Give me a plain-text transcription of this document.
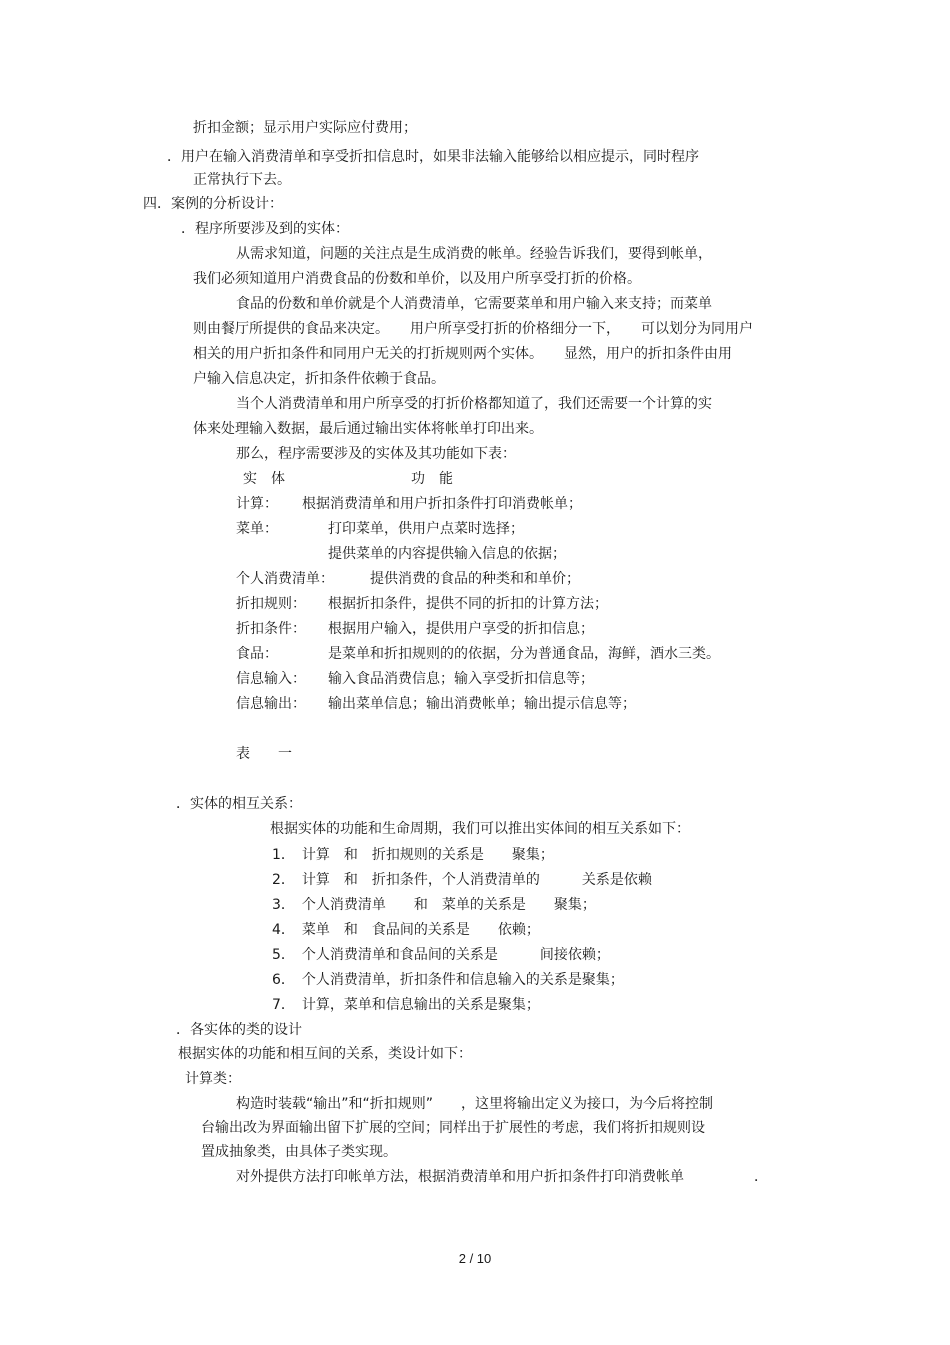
折扣金额；显示用户实际应付费用；
．用户在输入消费清单和享受折扣信息时，如果非法输入能够给以相应提示，同时程序
正常执行下去。
四．案例的分析设计：
．程序所要涉及到的实体：
从需求知道，问题的关注点是生成消费的帐单。经验告诉我们，要得到帐单，
我们必须知道用户消费食品的份数和单价，以及用户所享受打折的价格。
食品的份数和单价就是个人消费清单，它需要菜单和用户输入来支持；而菜单
则由餐厅所提供的食品来决定。　　用户所享受打折的价格细分一下，　　可以划分为同用户
相关的用户折扣条件和同用户无关的打折规则两个实体。　　显然，用户的折扣条件由用
户输入信息决定，折扣条件依赖于食品。
当个人消费清单和用户所享受的打折价格都知道了，我们还需要一个计算的实
体来处理输入数据，最后通过输出实体将帐单打印出来。
那么，程序需要涉及的实体及其功能如下表：
实　体	功　能
计算： 根据消费清单和用户折扣条件打印消费帐单；
菜单：	打印菜单，供用户点菜时选择；
提供菜单的内容提供输入信息的依据；
个人消费清单：	提供消费的食品的种类和和单价；
折扣规则： 根据折扣条件，提供不同的折扣的计算方法；
折扣条件： 根据用户输入，提供用户享受的折扣信息；
食品：	是菜单和折扣规则的的依据，分为普通食品，海鲜，酒水三类。
信息输入： 输入食品消费信息；输入享受折扣信息等；
信息输出： 输出菜单信息；输出消费帐单；输出提示信息等；
表　　一
．实体的相互关系：
根据实体的功能和生命周期，我们可以推出实体间的相互关系如下：
1．　计算　和　折扣规则的关系是　　聚集；
2．　计算　和　折扣条件，个人消费清单的　　　关系是依赖
3．　个人消费清单　　和　菜单的关系是　　聚集；
4．　菜单　和　食品间的关系是　　依赖；
5．　个人消费清单和食品间的关系是　　　间接依赖；
6．　个人消费清单，折扣条件和信息输入的关系是聚集；
7．　计算，菜单和信息输出的关系是聚集；
．各实体的类的设计
根据实体的功能和相互间的关系，类设计如下：
计算类：
构造时装载“输出”和“折扣规则”　　，这里将输出定义为接口，为今后将控制
台输出改为界面输出留下扩展的空间；同样出于扩展性的考虑，我们将折扣规则设
置成抽象类，由具体子类实现。
对外提供方法打印帐单方法，根据消费清单和用户折扣条件打印消费帐单　　　　　．
2 / 10
